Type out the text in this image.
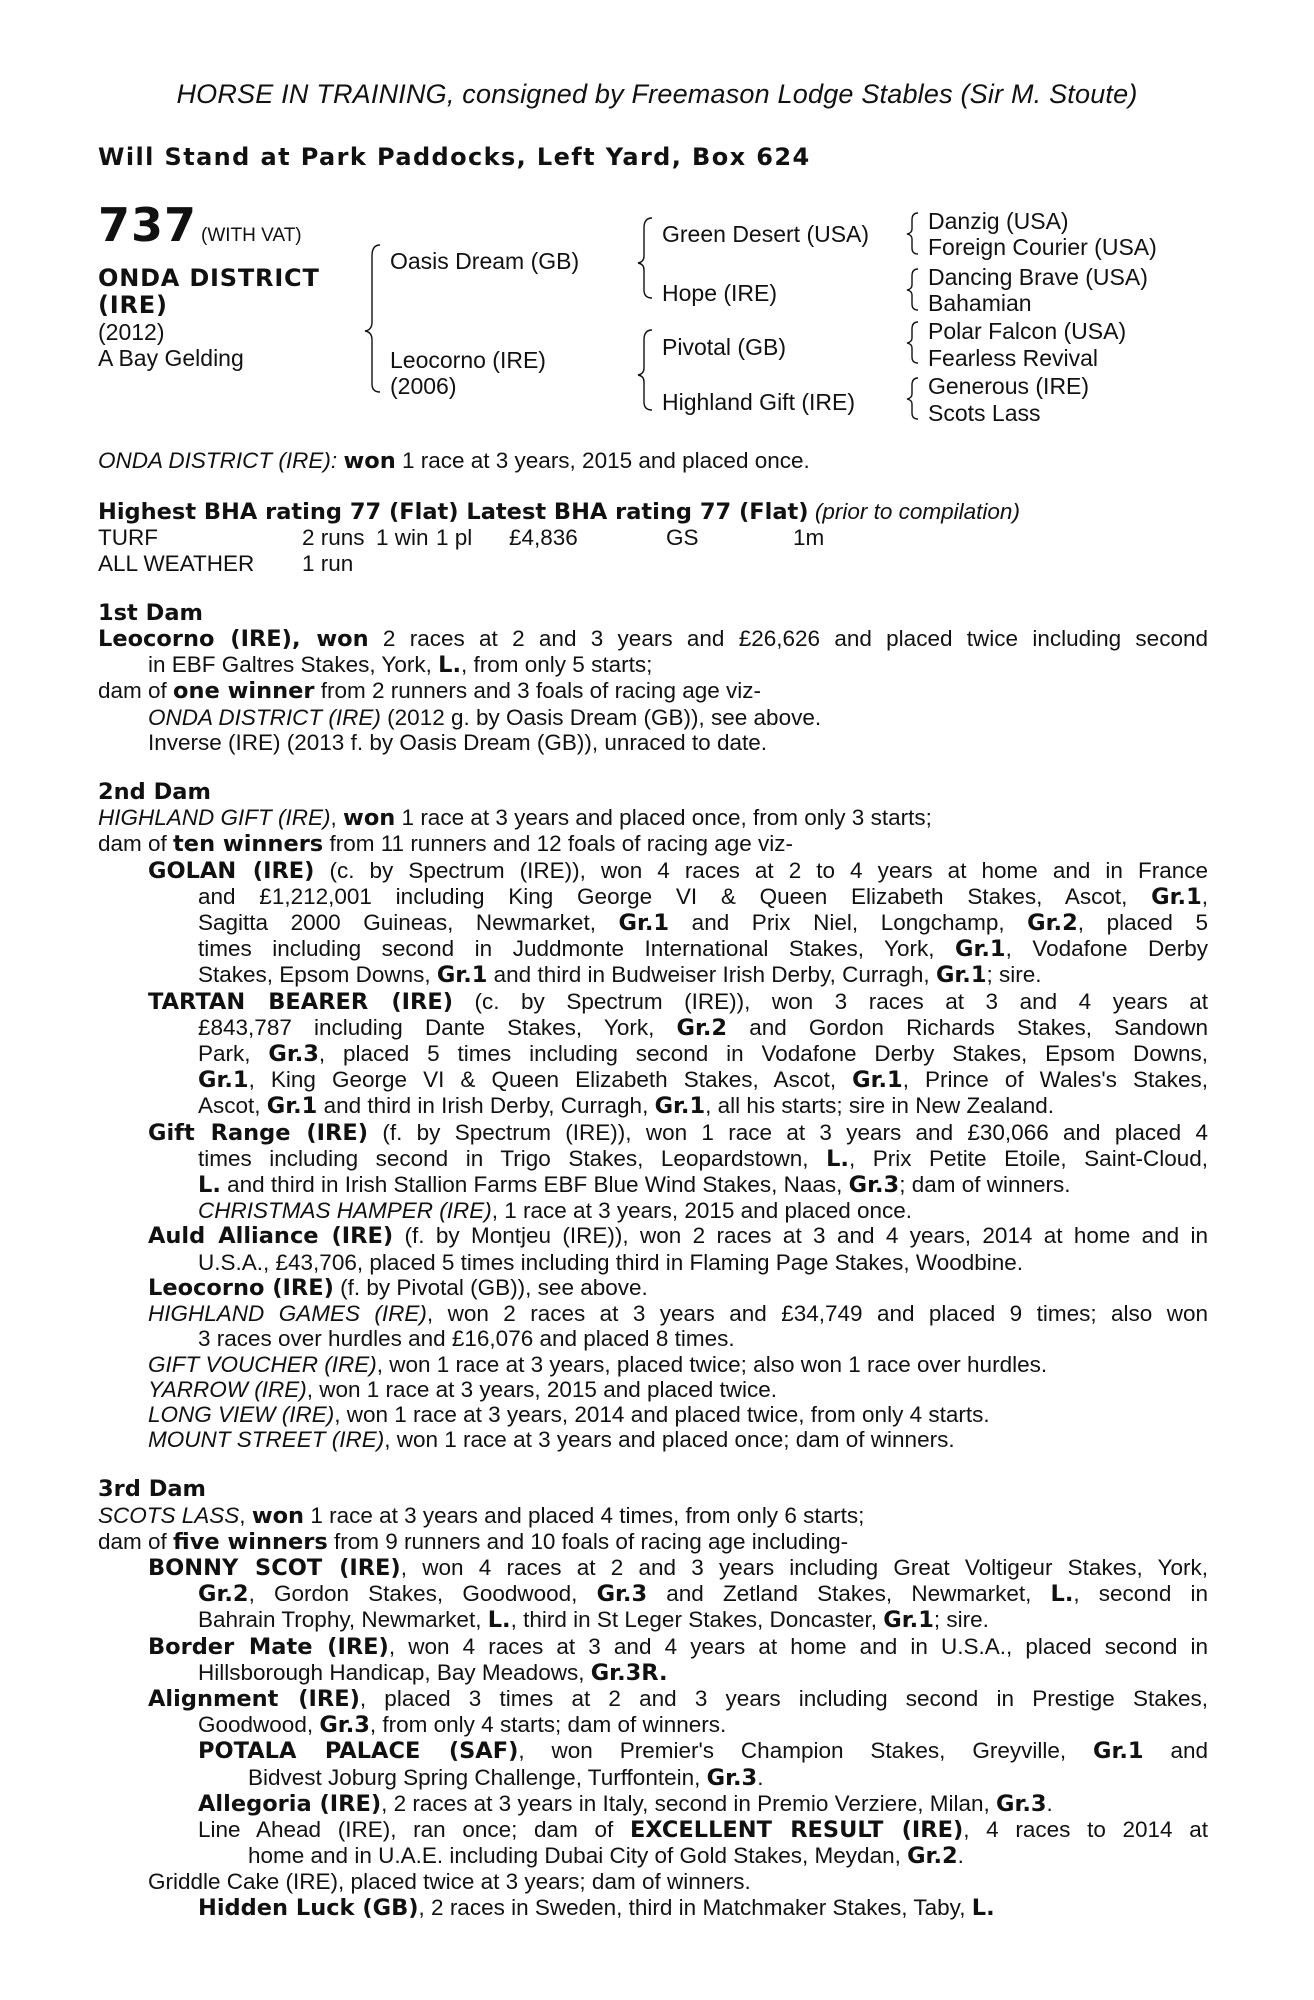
HORSE IN TRAINING, consigned by Freemason Lodge Stables (Sir M. Stoute)
Will Stand at Park Paddocks, Left Yard, Box 624
737 (WITH VAT)
ONDA DISTRICT
(IRE)
(2012)
A Bay Gelding
Oasis Dream (GB)
Leocorno (IRE)
(2006)
Green Desert (USA)
Hope (IRE)
Pivotal (GB)
Highland Gift (IRE)
Danzig (USA)
Foreign Courier (USA)
Dancing Brave (USA)
Bahamian
Polar Falcon (USA)
Fearless Revival
Generous (IRE)
Scots Lass
ONDA DISTRICT (IRE): won 1 race at 3 years, 2015 and placed once.
Highest BHA rating 77 (Flat) Latest BHA rating 77 (Flat) (prior to compilation)
TURF	2 runs 1 win 1 pl £4,836	GS	1m
ALL WEATHER 1 run
1st Dam
Leocorno (IRE), won 2 races at 2 and 3 years and £26,626 and placed twice including second
in EBF Galtres Stakes, York, L., from only 5 starts;
dam of one winner from 2 runners and 3 foals of racing age viz-
ONDA DISTRICT (IRE) (2012 g. by Oasis Dream (GB)), see above.
Inverse (IRE) (2013 f. by Oasis Dream (GB)), unraced to date.
2nd Dam
HIGHLAND GIFT (IRE), won 1 race at 3 years and placed once, from only 3 starts;
dam of ten winners from 11 runners and 12 foals of racing age viz-
GOLAN (IRE) (c. by Spectrum (IRE)), won 4 races at 2 to 4 years at home and in France
and £1,212,001 including King George VI & Queen Elizabeth Stakes, Ascot, Gr.1,
Sagitta 2000 Guineas, Newmarket, Gr.1 and Prix Niel, Longchamp, Gr.2, placed 5
times including second in Juddmonte International Stakes, York, Gr.1, Vodafone Derby
Stakes, Epsom Downs, Gr.1 and third in Budweiser Irish Derby, Curragh, Gr.1; sire.
TARTAN BEARER (IRE) (c. by Spectrum (IRE)), won 3 races at 3 and 4 years at
£843,787 including Dante Stakes, York, Gr.2 and Gordon Richards Stakes, Sandown
Park, Gr.3, placed 5 times including second in Vodafone Derby Stakes, Epsom Downs,
Gr.1, King George VI & Queen Elizabeth Stakes, Ascot, Gr.1, Prince of Wales's Stakes,
Ascot, Gr.1 and third in Irish Derby, Curragh, Gr.1, all his starts; sire in New Zealand.
Gift Range (IRE) (f. by Spectrum (IRE)), won 1 race at 3 years and £30,066 and placed 4
times including second in Trigo Stakes, Leopardstown, L., Prix Petite Etoile, Saint-Cloud,
L. and third in Irish Stallion Farms EBF Blue Wind Stakes, Naas, Gr.3; dam of winners.
CHRISTMAS HAMPER (IRE), 1 race at 3 years, 2015 and placed once.
Auld Alliance (IRE) (f. by Montjeu (IRE)), won 2 races at 3 and 4 years, 2014 at home and in
U.S.A., £43,706, placed 5 times including third in Flaming Page Stakes, Woodbine.
Leocorno (IRE) (f. by Pivotal (GB)), see above.
HIGHLAND GAMES (IRE), won 2 races at 3 years and £34,749 and placed 9 times; also won
3 races over hurdles and £16,076 and placed 8 times.
GIFT VOUCHER (IRE), won 1 race at 3 years, placed twice; also won 1 race over hurdles.
YARROW (IRE), won 1 race at 3 years, 2015 and placed twice.
LONG VIEW (IRE), won 1 race at 3 years, 2014 and placed twice, from only 4 starts.
MOUNT STREET (IRE), won 1 race at 3 years and placed once; dam of winners.
3rd Dam
SCOTS LASS, won 1 race at 3 years and placed 4 times, from only 6 starts;
dam of five winners from 9 runners and 10 foals of racing age including-
BONNY SCOT (IRE), won 4 races at 2 and 3 years including Great Voltigeur Stakes, York,
Gr.2, Gordon Stakes, Goodwood, Gr.3 and Zetland Stakes, Newmarket, L., second in
Bahrain Trophy, Newmarket, L., third in St Leger Stakes, Doncaster, Gr.1; sire.
Border Mate (IRE), won 4 races at 3 and 4 years at home and in U.S.A., placed second in
Hillsborough Handicap, Bay Meadows, Gr.3R.
Alignment (IRE), placed 3 times at 2 and 3 years including second in Prestige Stakes,
Goodwood, Gr.3, from only 4 starts; dam of winners.
POTALA PALACE (SAF), won Premier's Champion Stakes, Greyville, Gr.1 and
Bidvest Joburg Spring Challenge, Turffontein, Gr.3.
Allegoria (IRE), 2 races at 3 years in Italy, second in Premio Verziere, Milan, Gr.3.
Line Ahead (IRE), ran once; dam of EXCELLENT RESULT (IRE), 4 races to 2014 at
home and in U.A.E. including Dubai City of Gold Stakes, Meydan, Gr.2.
Griddle Cake (IRE), placed twice at 3 years; dam of winners.
Hidden Luck (GB), 2 races in Sweden, third in Matchmaker Stakes, Taby, L.
